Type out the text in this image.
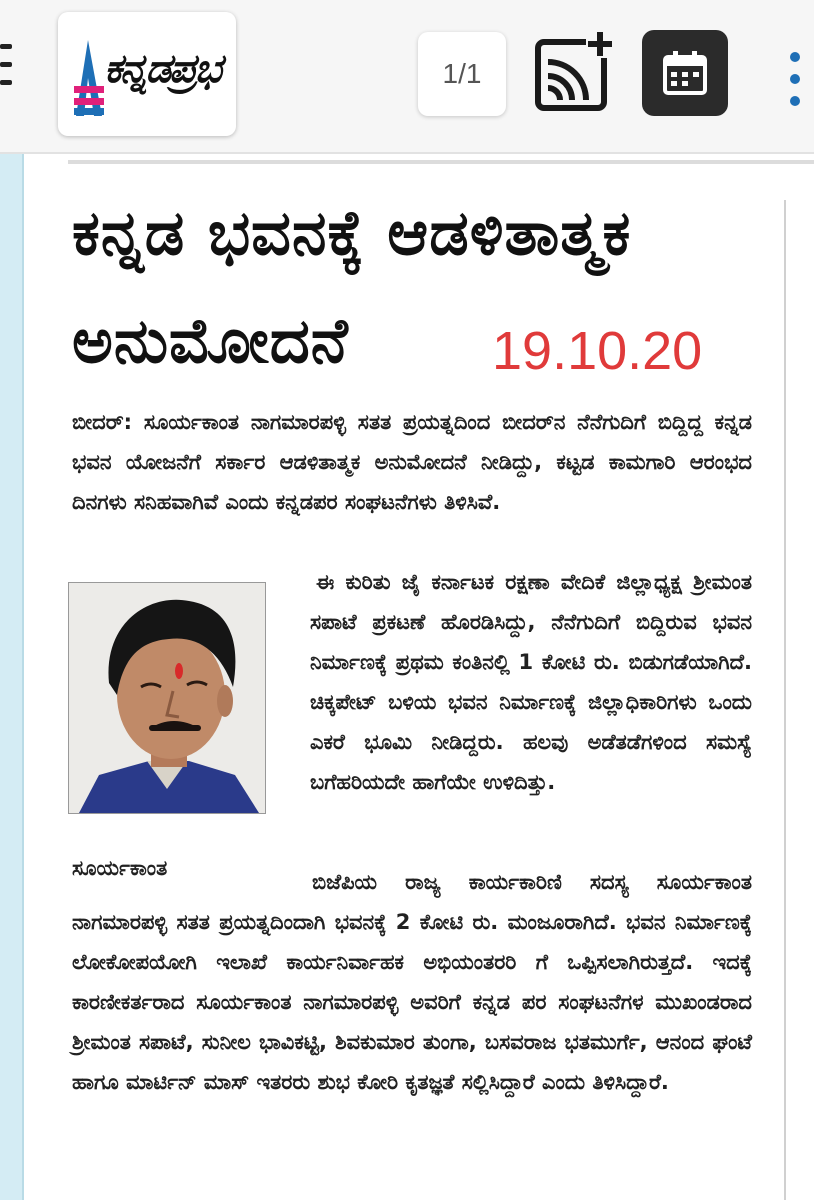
ಕನ್ನಡಪ್ರಭ	1/1
ಕನ್ನಡ ಭವನಕ್ಕೆ ಆಡಳಿತಾತ್ಮಕ
ಅನುಮೋದನೆ	19.10.20
ಬೀದರ್: ಸೂರ್ಯಕಾಂತ ನಾಗಮಾರಪಳ್ಳಿ ಸತತ ಪ್ರಯತ್ನದಿಂದ ಬೀದರ್‌ನ ನೆನೆಗುದಿಗೆ ಬಿದ್ದಿದ್ದ ಕನ್ನಡ ಭವನ ಯೋಜನೆಗೆ ಸರ್ಕಾರ ಆಡಳಿತಾತ್ಮಕ ಅನುಮೋದನೆ ನೀಡಿದ್ದು, ಕಟ್ಟಡ ಕಾಮಗಾರಿ ಆರಂಭದ ದಿನಗಳು ಸನಿಹವಾಗಿವೆ ಎಂದು ಕನ್ನಡಪರ ಸಂಘಟನೆಗಳು ತಿಳಿಸಿವೆ.
ಈ ಕುರಿತು ಜೈ ಕರ್ನಾಟಕ ರಕ್ಷಣಾ ವೇದಿಕೆ ಜಿಲ್ಲಾಧ್ಯಕ್ಷ ಶ್ರೀಮಂತ ಸಪಾಟೆ ಪ್ರಕಟಣೆ ಹೊರಡಿಸಿದ್ದು, ನೆನೆಗುದಿಗೆ ಬಿದ್ದಿರುವ ಭವನ ನಿರ್ಮಾಣಕ್ಕೆ ಪ್ರಥಮ ಕಂತಿನಲ್ಲಿ 1 ಕೋಟಿ ರು. ಬಿಡುಗಡೆಯಾಗಿದೆ. ಚಿಕ್ಕಪೇಟ್ ಬಳಿಯ ಭವನ ನಿರ್ಮಾಣಕ್ಕೆ ಜಿಲ್ಲಾಧಿಕಾರಿಗಳು ಒಂದು ಎಕರೆ ಭೂಮಿ ನೀಡಿದ್ದರು. ಹಲವು ಅಡೆತಡೆಗಳಿಂದ ಸಮಸ್ಯೆ ಬಗೆಹರಿಯದೇ ಹಾಗೆಯೇ ಉಳಿದಿತ್ತು.
ಸೂರ್ಯಕಾಂತ
ಬಿಜೆಪಿಯ ರಾಜ್ಯ ಕಾರ್ಯಕಾರಿಣಿ ಸದಸ್ಯ ಸೂರ್ಯಕಾಂತ ನಾಗಮಾರಪಳ್ಳಿ ಸತತ ಪ್ರಯತ್ನದಿಂದಾಗಿ ಭವನಕ್ಕೆ 2 ಕೋಟಿ ರು. ಮಂಜೂರಾಗಿದೆ. ಭವನ ನಿರ್ಮಾಣಕ್ಕೆ ಲೋಕೋಪಯೋಗಿ ಇಲಾಖೆ ಕಾರ್ಯನಿರ್ವಾಹಕ ಅಭಿಯಂತರರಿ ಗೆ ಒಪ್ಪಿಸಲಾಗಿರುತ್ತದೆ. ಇದಕ್ಕೆ ಕಾರಣೀಕರ್ತರಾದ ಸೂರ್ಯಕಾಂತ ನಾಗಮಾರಪಳ್ಳಿ ಅವರಿಗೆ ಕನ್ನಡ ಪರ ಸಂಘಟನೆಗಳ ಮುಖಂಡರಾದ ಶ್ರೀಮಂತ ಸಪಾಟೆ, ಸುನೀಲ ಭಾವಿಕಟ್ಟಿ, ಶಿವಕುಮಾರ ತುಂಗಾ, ಬಸವರಾಜ ಭತಮುರ್ಗೆ, ಆನಂದ ಘಂಟೆ ಹಾಗೂ ಮಾರ್ಟಿನ್ ಮಾಸ್ ಇತರರು ಶುಭ ಕೋರಿ ಕೃತಜ್ಞತೆ ಸಲ್ಲಿಸಿದ್ದಾರೆ ಎಂದು ತಿಳಿಸಿದ್ದಾರೆ.
